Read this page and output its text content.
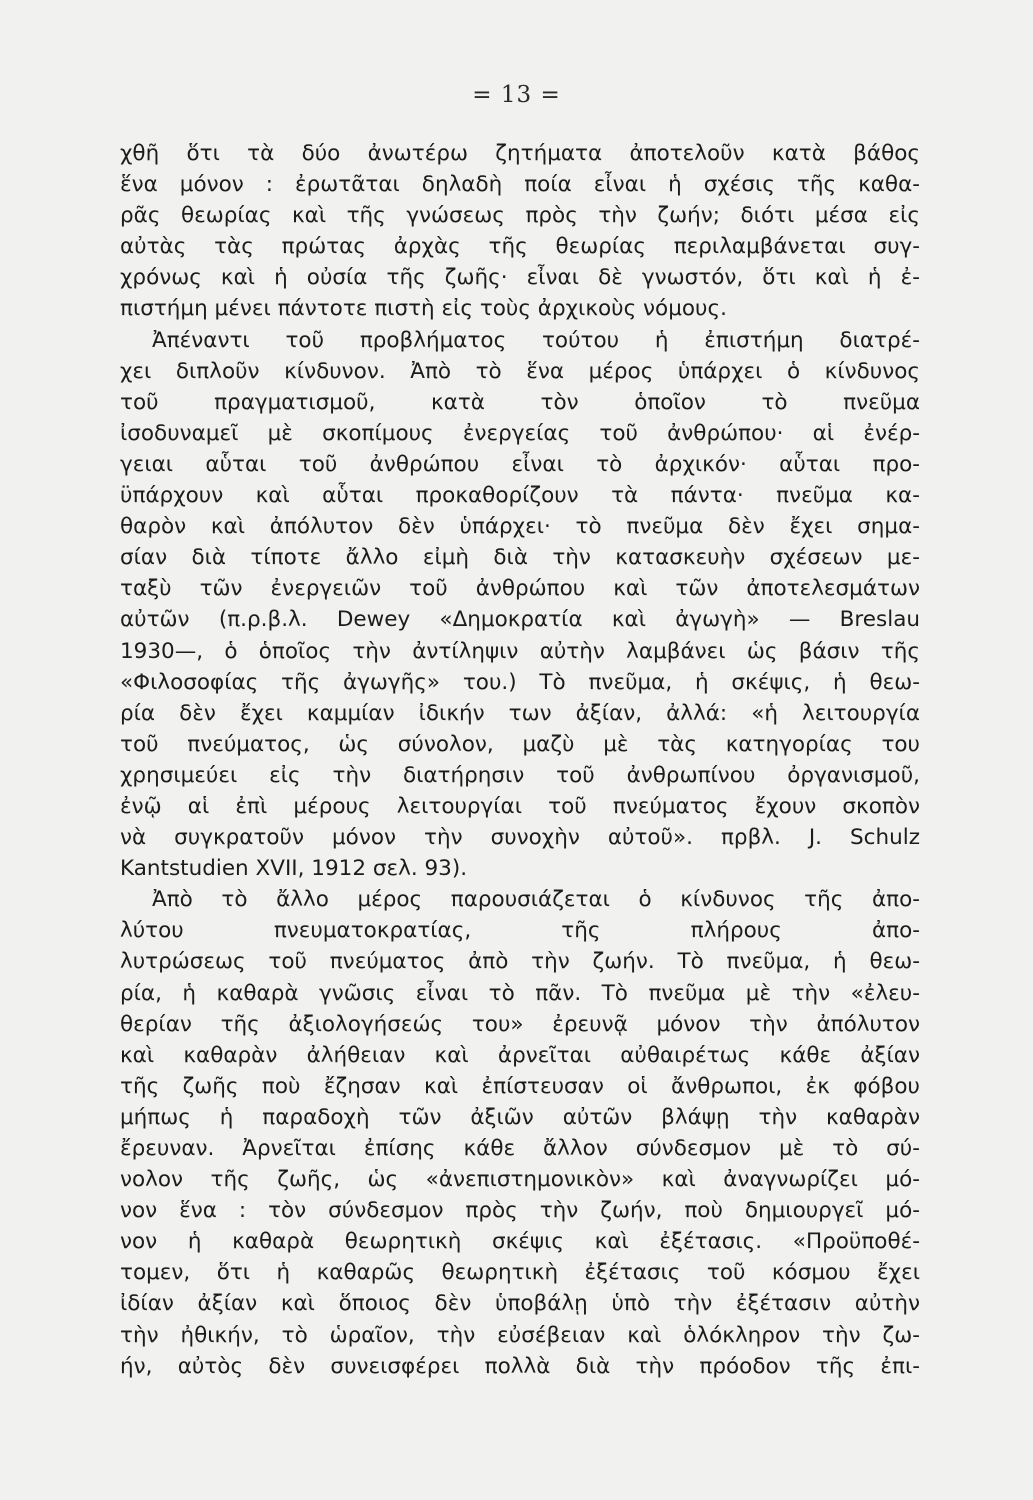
= 13 =
χθῆ ὅτι τὰ δύο ἀνωτέρω ζητήματα ἀποτελοῦν κατὰ βάθος
ἕνα μόνον : ἐρωτᾶται δηλαδὴ ποία εἶναι ἡ σχέσις τῆς καθα-
ρᾶς θεωρίας καὶ τῆς γνώσεως πρὸς τὴν ζωήν; διότι μέσα εἰς
αὐτὰς τὰς πρώτας ἀρχὰς τῆς θεωρίας περιλαμβάνεται συγ-
χρόνως καὶ ἡ οὐσία τῆς ζωῆς· εἶναι δὲ γνωστόν, ὅτι καὶ ἡ ἐ-
πιστήμη μένει πάντοτε πιστὴ εἰς τοὺς ἀρχικοὺς νόμους.
Ἀπέναντι τοῦ προβλήματος τούτου ἡ ἐπιστήμη διατρέ-
χει διπλοῦν κίνδυνον. Ἀπὸ τὸ ἕνα μέρος ὑπάρχει ὁ κίνδυνος
τοῦ πραγματισμοῦ, κατὰ τὸν ὁποῖον τὸ πνεῦμα
ἰσοδυναμεῖ μὲ σκοπίμους ἐνεργείας τοῦ ἀνθρώπου· αἱ ἐνέρ-
γειαι αὗται τοῦ ἀνθρώπου εἶναι τὸ ἀρχικόν· αὗται προ-
ϋπάρχουν καὶ αὗται προκαθορίζουν τὰ πάντα· πνεῦμα κα-
θαρὸν καὶ ἀπόλυτον δὲν ὑπάρχει· τὸ πνεῦμα δὲν ἔχει σημα-
σίαν διὰ τίποτε ἄλλο εἰμὴ διὰ τὴν κατασκευὴν σχέσεων με-
ταξὺ τῶν ἐνεργειῶν τοῦ ἀνθρώπου καὶ τῶν ἀποτελεσμάτων
αὐτῶν (π.ρ.β.λ. Dewey «Δημοκρατία καὶ ἀγωγὴ» — Breslau
1930—, ὁ ὁποῖος τὴν ἀντίληψιν αὐτὴν λαμβάνει ὡς βάσιν τῆς
«Φιλοσοφίας τῆς ἀγωγῆς» του.) Τὸ πνεῦμα, ἡ σκέψις, ἡ θεω-
ρία δὲν ἔχει καμμίαν ἰδικήν των ἀξίαν, ἀλλά: «ἡ λειτουργία
τοῦ πνεύματος, ὡς σύνολον, μαζὺ μὲ τὰς κατηγορίας του
χρησιμεύει εἰς τὴν διατήρησιν τοῦ ἀνθρωπίνου ὀργανισμοῦ,
ἐνῷ αἱ ἐπὶ μέρους λειτουργίαι τοῦ πνεύματος ἔχουν σκοπὸν
νὰ συγκρατοῦν μόνον τὴν συνοχὴν αὐτοῦ». πρβλ. J. Schulz
Kantstudien XVII, 1912 σελ. 93).
Ἀπὸ τὸ ἄλλο μέρος παρουσιάζεται ὁ κίνδυνος τῆς ἀπο-
λύτου πνευματοκρατίας, τῆς πλήρους ἀπο-
λυτρώσεως τοῦ πνεύματος ἀπὸ τὴν ζωήν. Τὸ πνεῦμα, ἡ θεω-
ρία, ἡ καθαρὰ γνῶσις εἶναι τὸ πᾶν. Τὸ πνεῦμα μὲ τὴν «ἐλευ-
θερίαν τῆς ἀξιολογήσεώς του» ἐρευνᾷ μόνον τὴν ἀπόλυτον
καὶ καθαρὰν ἀλήθειαν καὶ ἀρνεῖται αὐθαιρέτως κάθε ἀξίαν
τῆς ζωῆς πoὺ ἔζησαν καὶ ἐπίστευσαν οἱ ἄνθρωποι, ἐκ φόβου
μήπως ἡ παραδοχὴ τῶν ἀξιῶν αὐτῶν βλάψῃ τὴν καθαρὰν
ἔρευναν. Ἀρνεῖται ἐπίσης κάθε ἄλλον σύνδεσμον μὲ τὸ σύ-
νολον τῆς ζωῆς, ὡς «ἀνεπιστημονικὸν» καὶ ἀναγνωρίζει μό-
νον ἕνα : τὸν σύνδεσμον πρὸς τὴν ζωήν, πoὺ δημιουργεῖ μό-
νον ἡ καθαρὰ θεωρητικὴ σκέψις καὶ ἐξέτασις. «Προϋποθέ-
τομεν, ὅτι ἡ καθαρῶς θεωρητικὴ ἐξέτασις τοῦ κόσμου ἔχει
ἰδίαν ἀξίαν καὶ ὅποιος δὲν ὑποβάλῃ ὑπὸ τὴν ἐξέτασιν αὐτὴν
τὴν ἠθικήν, τὸ ὡραῖον, τὴν εὐσέβειαν καὶ ὁλόκληρον τὴν ζω-
ήν, αὐτὸς δὲν συνεισφέρει πολλὰ διὰ τὴν πρόοδον τῆς ἐπι-
